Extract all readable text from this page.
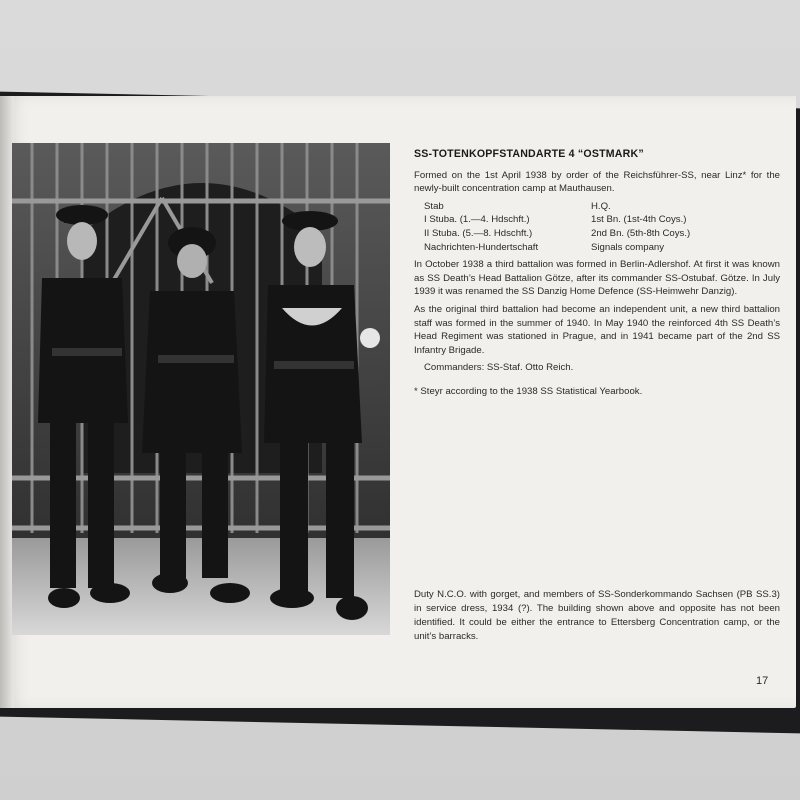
SS-TOTENKOPFSTANDARTE 4 “OSTMARK”

Formed on the 1st April 1938 by order of the Reichsführer-SS, near Linz* for the newly-built concentration camp at Mauthausen.

Stab	H.Q.
I Stuba. (1.—4. Hdschft.)	1st Bn. (1st-4th Coys.)
II Stuba. (5.—8. Hdschft.)	2nd Bn. (5th-8th Coys.)
Nachrichten-Hundertschaft	Signals company

In October 1938 a third battalion was formed in Berlin-Adlershof. At first it was known as SS Death’s Head Battalion Götze, after its commander SS-Ostubaf. Götze. In July 1939 it was renamed the SS Danzig Home Defence (SS-Heimwehr Danzig).

As the original third battalion had become an independent unit, a new third battalion staff was formed in the summer of 1940. In May 1940 the reinforced 4th SS Death’s Head Regiment was stationed in Prague, and in 1941 became part of the 2nd SS Infantry Brigade.

Commanders: SS-Staf. Otto Reich.

* Steyr according to the 1938 SS Statistical Yearbook.

Duty N.C.O. with gorget, and members of SS-Sonderkommando Sachsen (PB SS.3) in service dress, 1934 (?). The building shown above and opposite has not been identified. It could be either the entrance to Ettersberg Concentration camp, or the unit’s barracks.

17
